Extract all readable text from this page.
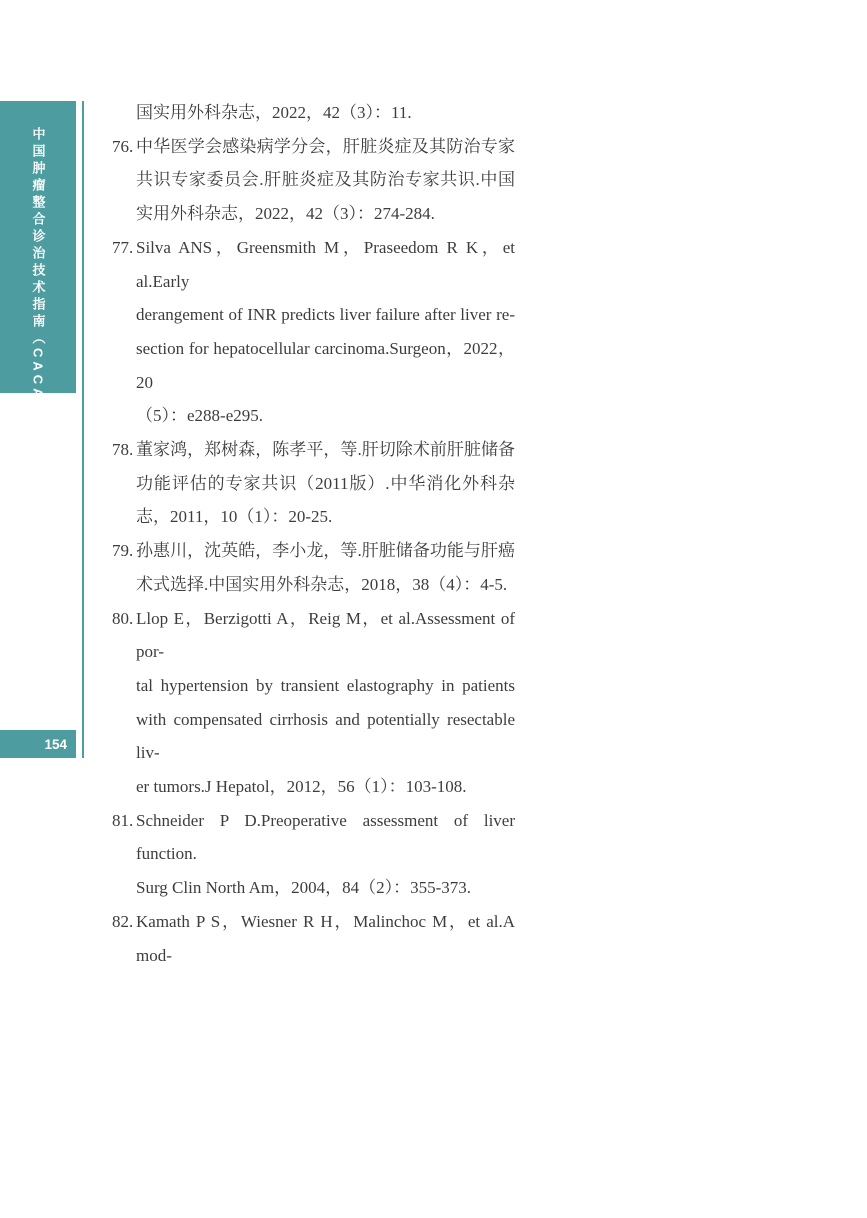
中国肿瘤整合诊治技术指南（CACA）
154
国实用外科杂志，2022，42（3）：11.
76. 中华医学会感染病学分会，肝脏炎症及其防治专家
共识专家委员会.肝脏炎症及其防治专家共识.中国
实用外科杂志，2022，42（3）：274-284.
77. Silva ANS，Greensmith M，Praseedom R K，et al.Early
derangement of INR predicts liver failure after liver re-
section for hepatocellular carcinoma.Surgeon，2022，20
（5）：e288-e295.
78. 董家鸿，郑树森，陈孝平，等.肝切除术前肝脏储备
功能评估的专家共识（2011版）.中华消化外科杂
志，2011，10（1）：20-25.
79. 孙惠川，沈英皓，李小龙，等.肝脏储备功能与肝癌
术式选择.中国实用外科杂志，2018，38（4）：4-5.
80. Llop E，Berzigotti A，Reig M，et al.Assessment of por-
tal hypertension by transient elastography in patients
with compensated cirrhosis and potentially resectable liv-
er tumors.J Hepatol，2012，56（1）：103-108.
81. Schneider P D.Preoperative assessment of liver function.
Surg Clin North Am，2004，84（2）：355-373.
82. Kamath P S，Wiesner R H，Malinchoc M，et al.A mod-
